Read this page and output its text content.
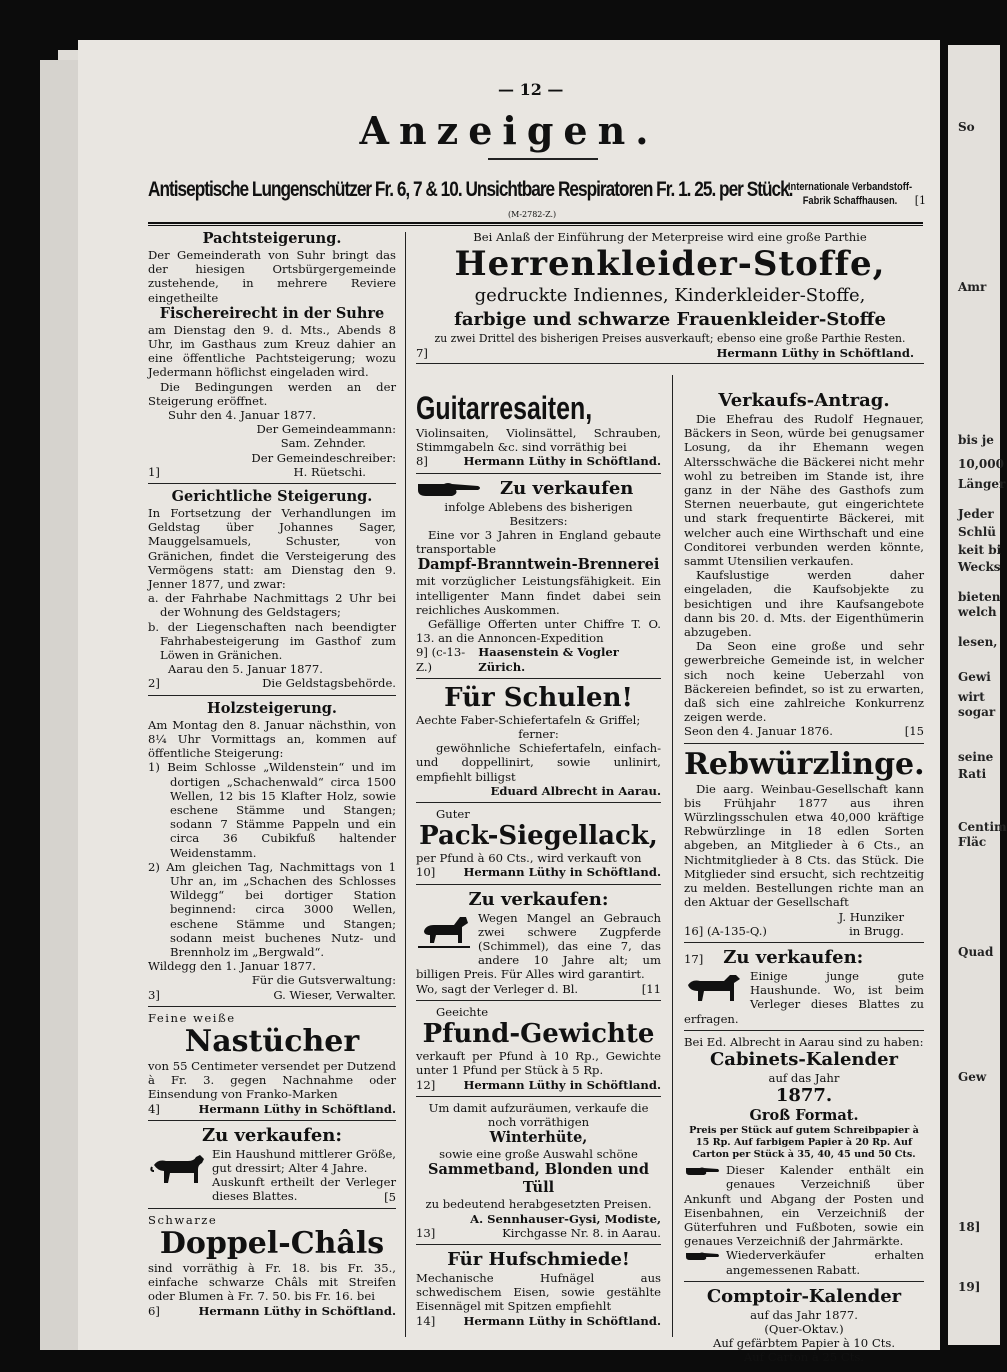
So
Amr
bis je
10,000
Länger
Jeder
Schlü
keit bi
Wecks
bieten
welch
lesen,
Gewi
wirt
sogar
seine
Rati
Centim
Fläc
Quad
Gew
18]
19]
— 12 —
Anzeigen.
Antiseptische Lungenschützer Fr. 6, 7 & 10. Unsichtbare Respiratoren Fr. 1. 25. per Stück.
Internationale Verbandstoff-
Fabrik Schaffhausen.
(M-2782-Z.)
[1
Pachtsteigerung.
Der Gemeinderath von Suhr bringt das der hiesigen Ortsbürgergemeinde zustehende, in mehrere Reviere eingetheilte
Fischereirecht in der Suhre
am Dienstag den 9. d. Mts., Abends 8 Uhr, im Gasthaus zum Kreuz dahier an eine öffentliche Pachtsteigerung; wozu Jedermann höflichst eingeladen wird.
Die Bedingungen werden an der Steigerung eröffnet.
Suhr den 4. Januar 1877.
Der Gemeindeammann:
Sam. Zehnder.
Der Gemeindeschreiber:
1]	H. Rüetschi.
Gerichtliche Steigerung.
In Fortsetzung der Verhandlungen im Geldstag über Johannes Sager, Mauggelsamuels, Schuster, von Gränichen, findet die Versteigerung des Vermögens statt: am Dienstag den 9. Jenner 1877, und zwar:
a. der Fahrhabe Nachmittags 2 Uhr bei der Wohnung des Geldstagers;
b. der Liegenschaften nach beendigter Fahrhabesteigerung im Gasthof zum Löwen in Gränichen.
Aarau den 5. Januar 1877.
2]	Die Geldstagsbehörde.
Holzsteigerung.
Am Montag den 8. Januar nächsthin, von 8¼ Uhr Vormittags an, kommen auf öffentliche Steigerung:
1) Beim Schlosse „Wildenstein“ und im dortigen „Schachenwald“ circa 1500 Wellen, 12 bis 15 Klafter Holz, sowie eschene Stämme und Stangen; sodann 7 Stämme Pappeln und ein circa 36 Cubikfuß haltender Weidenstamm.
2) Am gleichen Tag, Nachmittags von 1 Uhr an, im „Schachen des Schlosses Wildegg“ bei dortiger Station beginnend: circa 3000 Wellen, eschene Stämme und Stangen; sodann meist buchenes Nutz- und Brennholz im „Bergwald“.
Wildegg den 1. Januar 1877.
Für die Gutsverwaltung:
3]	G. Wieser, Verwalter.
Feine weiße
Nastücher
von 55 Centimeter versendet per Dutzend à Fr. 3. gegen Nachnahme oder Einsendung von Franko-Marken
4]	Hermann Lüthy in Schöftland.
Zu verkaufen:
Ein Haushund mittlerer Größe, gut dressirt; Alter 4 Jahre.
Auskunft ertheilt der Verleger dieses Blattes.	[5
Schwarze
Doppel-Châls
sind vorräthig à Fr. 18. bis Fr. 35., einfache schwarze Châls mit Streifen oder Blumen à Fr. 7. 50. bis Fr. 16. bei
6]	Hermann Lüthy in Schöftland.
Bei Anlaß der Einführung der Meterpreise wird eine große Parthie
Herrenkleider-Stoffe,
gedruckte Indiennes, Kinderkleider-Stoffe,
farbige und schwarze Frauenkleider-Stoffe
zu zwei Drittel des bisherigen Preises ausverkauft; ebenso eine große Parthie Resten.
7]	Hermann Lüthy in Schöftland.
Guitarresaiten,
Violinsaiten, Violinsättel, Schrauben, Stimmgabeln &c. sind vorräthig bei
8]	Hermann Lüthy in Schöftland.
Zu verkaufen
infolge Ablebens des bisherigen Besitzers:
Eine vor 3 Jahren in England gebaute transportable
Dampf-Branntwein-Brennerei
mit vorzüglicher Leistungsfähigkeit. Ein intelligenter Mann findet dabei sein reichliches Auskommen.
Gefällige Offerten unter Chiffre T. O. 13. an die Annoncen-Expedition
9] (c-13-Z.)
Haasenstein & Vogler Zürich.
Für Schulen!
Aechte Faber-Schiefertafeln & Griffel;
ferner:
gewöhnliche Schiefertafeln, einfach- und doppellinirt, sowie unlinirt, empfiehlt billigst
Eduard Albrecht in Aarau.
Guter
Pack-Siegellack,
per Pfund à 60 Cts., wird verkauft von
10] Hermann Lüthy in Schöftland.
Zu verkaufen:
Wegen Mangel an Gebrauch zwei schwere Zugpferde (Schimmel), das eine 7, das andere 10 Jahre alt; um billigen Preis. Für Alles wird garantirt.
Wo, sagt der Verleger d. Bl.	[11
Geeichte
Pfund-Gewichte
verkauft per Pfund à 10 Rp., Gewichte unter 1 Pfund per Stück à 5 Rp.
12] Hermann Lüthy in Schöftland.
Um damit aufzuräumen, verkaufe die noch vorräthigen
Winterhüte,
sowie eine große Auswahl schöne
Sammetband, Blonden und Tüll
zu bedeutend herabgesetzten Preisen.
A. Sennhauser-Gysi, Modiste,
13]	Kirchgasse Nr. 8. in Aarau.
Für Hufschmiede!
Mechanische Hufnägel aus schwedischem Eisen, sowie gestählte Eisennägel mit Spitzen empfiehlt
14] Hermann Lüthy in Schöftland.
Verkaufs-Antrag.
Die Ehefrau des Rudolf Hegnauer, Bäckers in Seon, würde bei genugsamer Losung, da ihr Ehemann wegen Altersschwäche die Bäckerei nicht mehr wohl zu betreiben im Stande ist, ihre ganz in der Nähe des Gasthofs zum Sternen neuerbaute, gut eingerichtete und stark frequentirte Bäckerei, mit welcher auch eine Wirthschaft und eine Conditorei verbunden werden könnte, sammt Utensilien verkaufen.
Kaufslustige werden daher eingeladen, die Kaufsobjekte zu besichtigen und ihre Kaufsangebote dann bis 20. d. Mts. der Eigenthümerin abzugeben.
Da Seon eine große und sehr gewerbreiche Gemeinde ist, in welcher sich noch keine Ueberzahl von Bäckereien befindet, so ist zu erwarten, daß sich eine zahlreiche Konkurrenz zeigen werde.
Seon den 4. Januar 1876.	[15
Rebwürzlinge.
Die aarg. Weinbau-Gesellschaft kann bis Frühjahr 1877 aus ihren Würzlingsschulen etwa 40,000 kräftige Rebwürzlinge in 18 edlen Sorten abgeben, an Mitglieder à 6 Cts., an Nichtmitglieder à 8 Cts. das Stück. Die Mitglieder sind ersucht, sich rechtzeitig zu melden. Bestellungen richte man an den Aktuar der Gesellschaft
J. Hunziker
16] (A-135-Q.)	in Brugg.
17] Zu verkaufen:
Einige junge gute Haushunde. Wo, ist beim Verleger dieses Blattes zu erfragen.
Bei Ed. Albrecht in Aarau sind zu haben:
Cabinets-Kalender
auf das Jahr
1877.
Groß Format.
Preis per Stück auf gutem Schreibpapier à 15 Rp. Auf farbigem Papier à 20 Rp. Auf Carton per Stück à 35, 40, 45 und 50 Cts.
Dieser Kalender enthält ein genaues Verzeichniß über Ankunft und Abgang der Posten und Eisenbahnen, ein Verzeichniß der Güterfuhren und Fußboten, sowie ein genaues Verzeichniß der Jahrmärkte.
Wiederverkäufer erhalten angemessenen Rabatt.
Comptoir-Kalender
auf das Jahr 1877.
(Quer-Oktav.)
Auf gefärbtem Papier à 10 Cts.
Auf Carton à 25 Cts.
